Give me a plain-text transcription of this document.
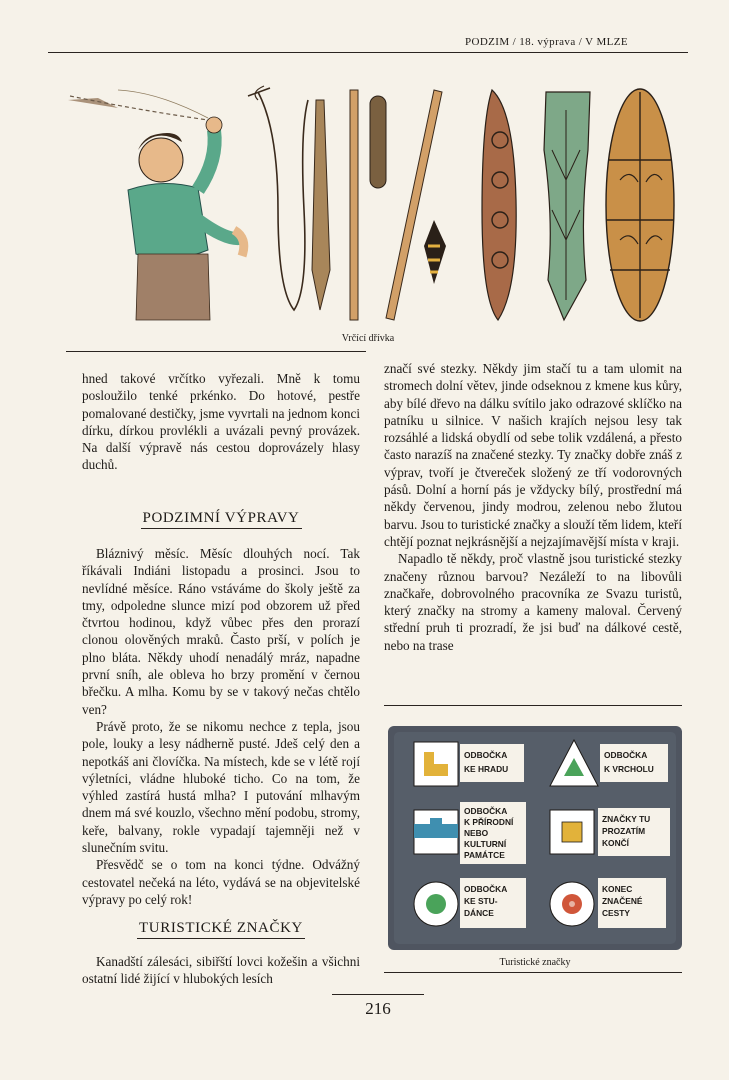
PODZIM / 18. výprava / V MLZE
Vrčící dřívka

hned takové vrčítko vyřezali. Mně k tomu posloužilo tenké prkénko. Do hotové, pestře pomalované destičky, jsme vyvrtali na jednom konci dírku, dírkou provlékli a uvázali pevný provázek. Na další výpravě nás cestou doprovázely hlasy duchů.

PODZIMNÍ VÝPRAVY

Bláznivý měsíc. Měsíc dlouhých nocí. Tak říkávali Indiáni listopadu a prosinci. Jsou to nevlídné měsíce. Ráno vstáváme do školy ještě za tmy, odpoledne slunce mizí pod obzorem už před čtvrtou hodinou, když vůbec přes den prorazí clonou olověných mraků. Často prší, v polích je plno bláta. Někdy uhodí nenadálý mráz, napadne první sníh, ale obleva ho brzy promění v černou břečku. A mlha. Komu by se v takový nečas chtělo ven?

Právě proto, že se nikomu nechce z tepla, jsou pole, louky a lesy nádherně pusté. Jdeš celý den a nepotkáš ani človíčka. Na místech, kde se v létě rojí výletníci, vládne hluboké ticho. Co na tom, že výhled zastírá hustá mlha? I putování mlhavým dnem má své kouzlo, všechno mění podobu, stromy, keře, balvany, rokle vypadají tajemněji než v slunečním svitu.

Přesvědč se o tom na konci týdne. Odvážný cestovatel nečeká na léto, vydává se na objevitelské výpravy po celý rok!

TURISTICKÉ ZNAČKY

Kanadští zálesáci, sibiřští lovci kožešin a všichni ostatní lidé žijící v hlubokých lesích

značí své stezky. Někdy jim stačí tu a tam ulomit na stromech dolní větev, jinde odseknou z kmene kus kůry, aby bílé dřevo na dálku svítilo jako odrazové sklíčko na patníku u silnice. V našich krajích nejsou lesy tak rozsáhlé a lidská obydlí od sebe tolik vzdálená, a přesto často narazíš na značené stezky. Ty značky dobře znáš z výprav, tvoří je čtvereček složený ze tří vodorovných pásů. Dolní a horní pás je vždycky bílý, prostřední má někdy červenou, jindy modrou, zelenou nebo žlutou barvu. Jsou to turistické značky a slouží těm lidem, kteří chtějí poznat nejkrásnější a nejzajímavější místa v kraji.

Napadlo tě někdy, proč vlastně jsou turistické stezky značeny různou barvou? Nezáleží to na libovůli značkaře, dobrovolného pracovníka ze Svazu turistů, který značky na stromy a kameny maloval. Červený střední pruh ti prozradí, že jsi buď na dálkové cestě, nebo na trase

ODBOČKA
KE HRADU
ODBOČKA
K VRCHOLU
ODBOČKA
K PŘÍRODNÍ
NEBO
KULTURNÍ
PAMÁTCE
ZNAČKY TU
PROZATÍM
KONČÍ
ODBOČKA
KE STU-
DÁNCE
KONEC
ZNAČENÉ
CESTY
Turistické značky
216
